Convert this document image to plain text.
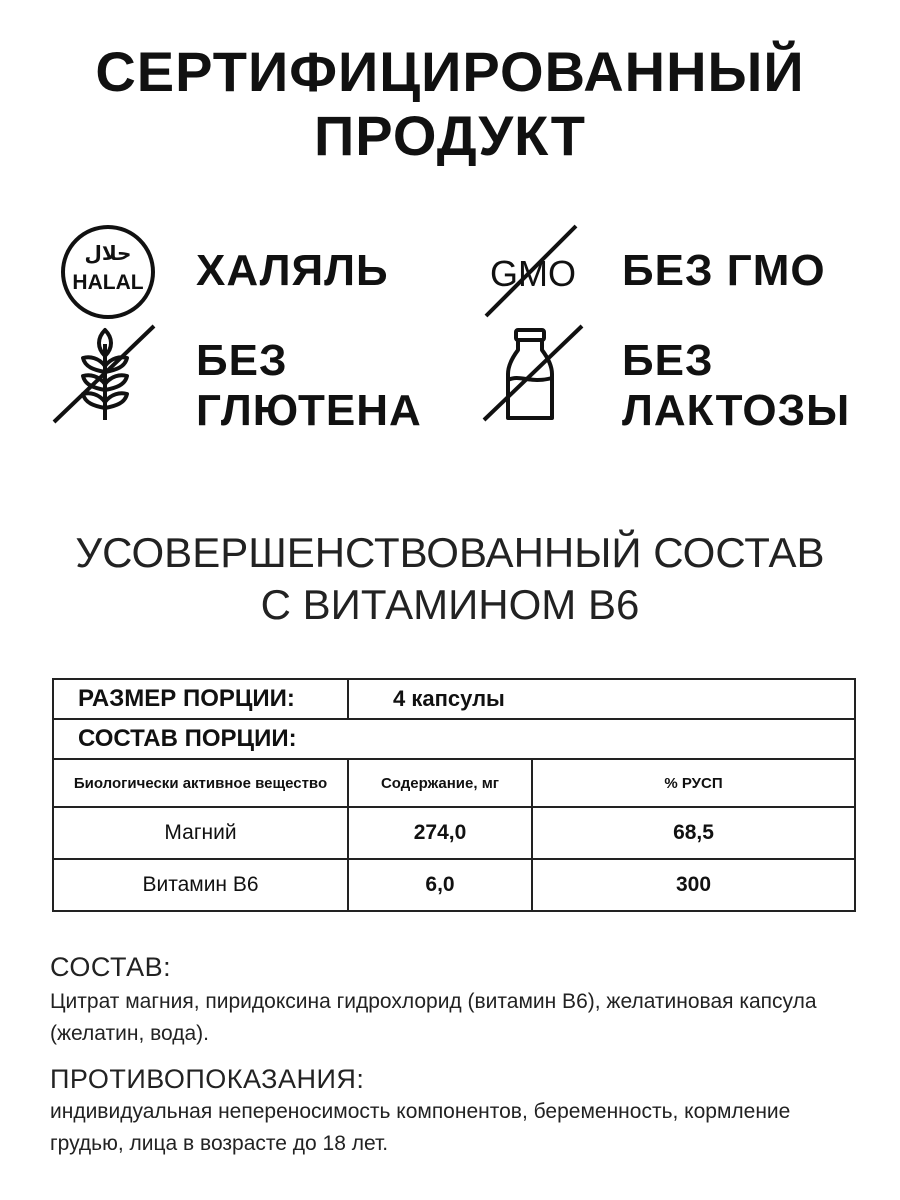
СЕРТИФИЦИРОВАННЫЙ
ПРОДУКТ
حلال
HALAL ХАЛЯЛЬ	GMO БЕЗ ГМО
БЕЗ
ГЛЮТЕНА
БЕЗ
ЛАКТОЗЫ
УСОВЕРШЕНСТВОВАННЫЙ СОСТАВ
С ВИТАМИНОМ В6
РАЗМЕР ПОРЦИИ:	4 капсулы	
СОСТАВ ПОРЦИИ:		
Биологически активное вещество	Содержание, мг	% РУСП
Магний	274,0	68,5
Витамин В6	6,0	300
СОСТАВ:
Цитрат магния, пиридоксина гидрохлорид (витамин В6), желатиновая капсула (желатин, вода).
ПРОТИВОПОКАЗАНИЯ:
индивидуальная непереносимость компонентов, беременность, кормление грудью, лица в возрасте до 18 лет.
